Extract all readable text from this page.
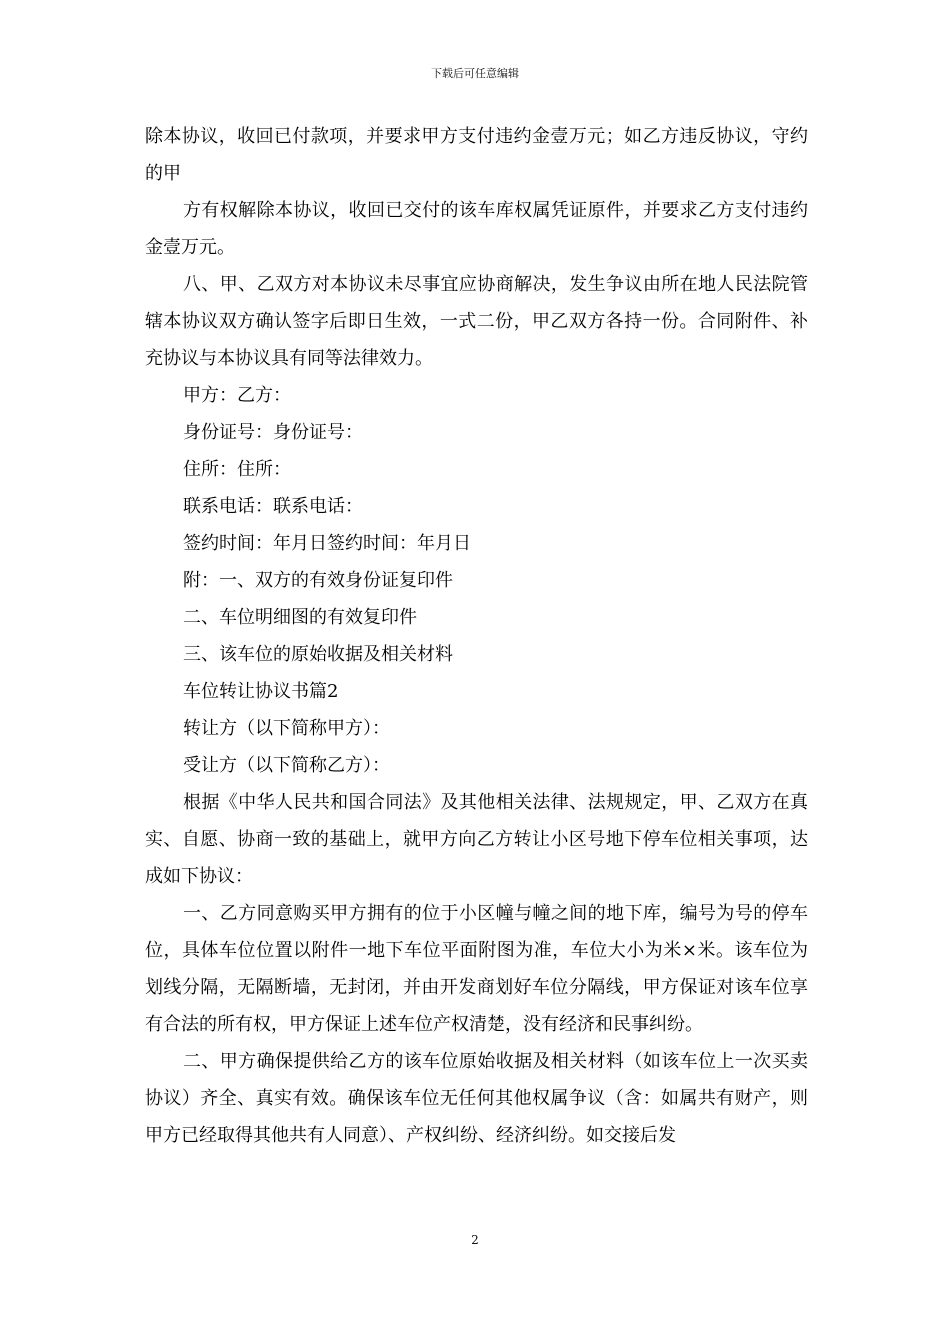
下载后可任意编辑

除本协议，收回已付款项，并要求甲方支付违约金壹万元；如乙方违反协议，守约的甲

方有权解除本协议，收回已交付的该车库权属凭证原件，并要求乙方支付违约金壹万元。

八、甲、乙双方对本协议未尽事宜应协商解决，发生争议由所在地人民法院管辖本协议双方确认签字后即日生效，一式二份，甲乙双方各持一份。合同附件、补充协议与本协议具有同等法律效力。

甲方：乙方：

身份证号：身份证号：

住所：住所：

联系电话：联系电话：

签约时间：年月日签约时间：年月日

附：一、双方的有效身份证复印件

二、车位明细图的有效复印件

三、该车位的原始收据及相关材料

车位转让协议书篇2

转让方（以下简称甲方）：

受让方（以下简称乙方）：

根据《中华人民共和国合同法》及其他相关法律、法规规定，甲、乙双方在真实、自愿、协商一致的基础上，就甲方向乙方转让小区号地下停车位相关事项，达成如下协议：

一、乙方同意购买甲方拥有的位于小区幢与幢之间的地下库，编号为号的停车位，具体车位位置以附件一地下车位平面附图为准，车位大小为米×米。该车位为划线分隔，无隔断墙，无封闭，并由开发商划好车位分隔线，甲方保证对该车位享有合法的所有权，甲方保证上述车位产权清楚，没有经济和民事纠纷。

二、甲方确保提供给乙方的该车位原始收据及相关材料（如该车位上一次买卖协议）齐全、真实有效。确保该车位无任何其他权属争议（含：如属共有财产，则甲方已经取得其他共有人同意）、产权纠纷、经济纠纷。如交接后发

2
